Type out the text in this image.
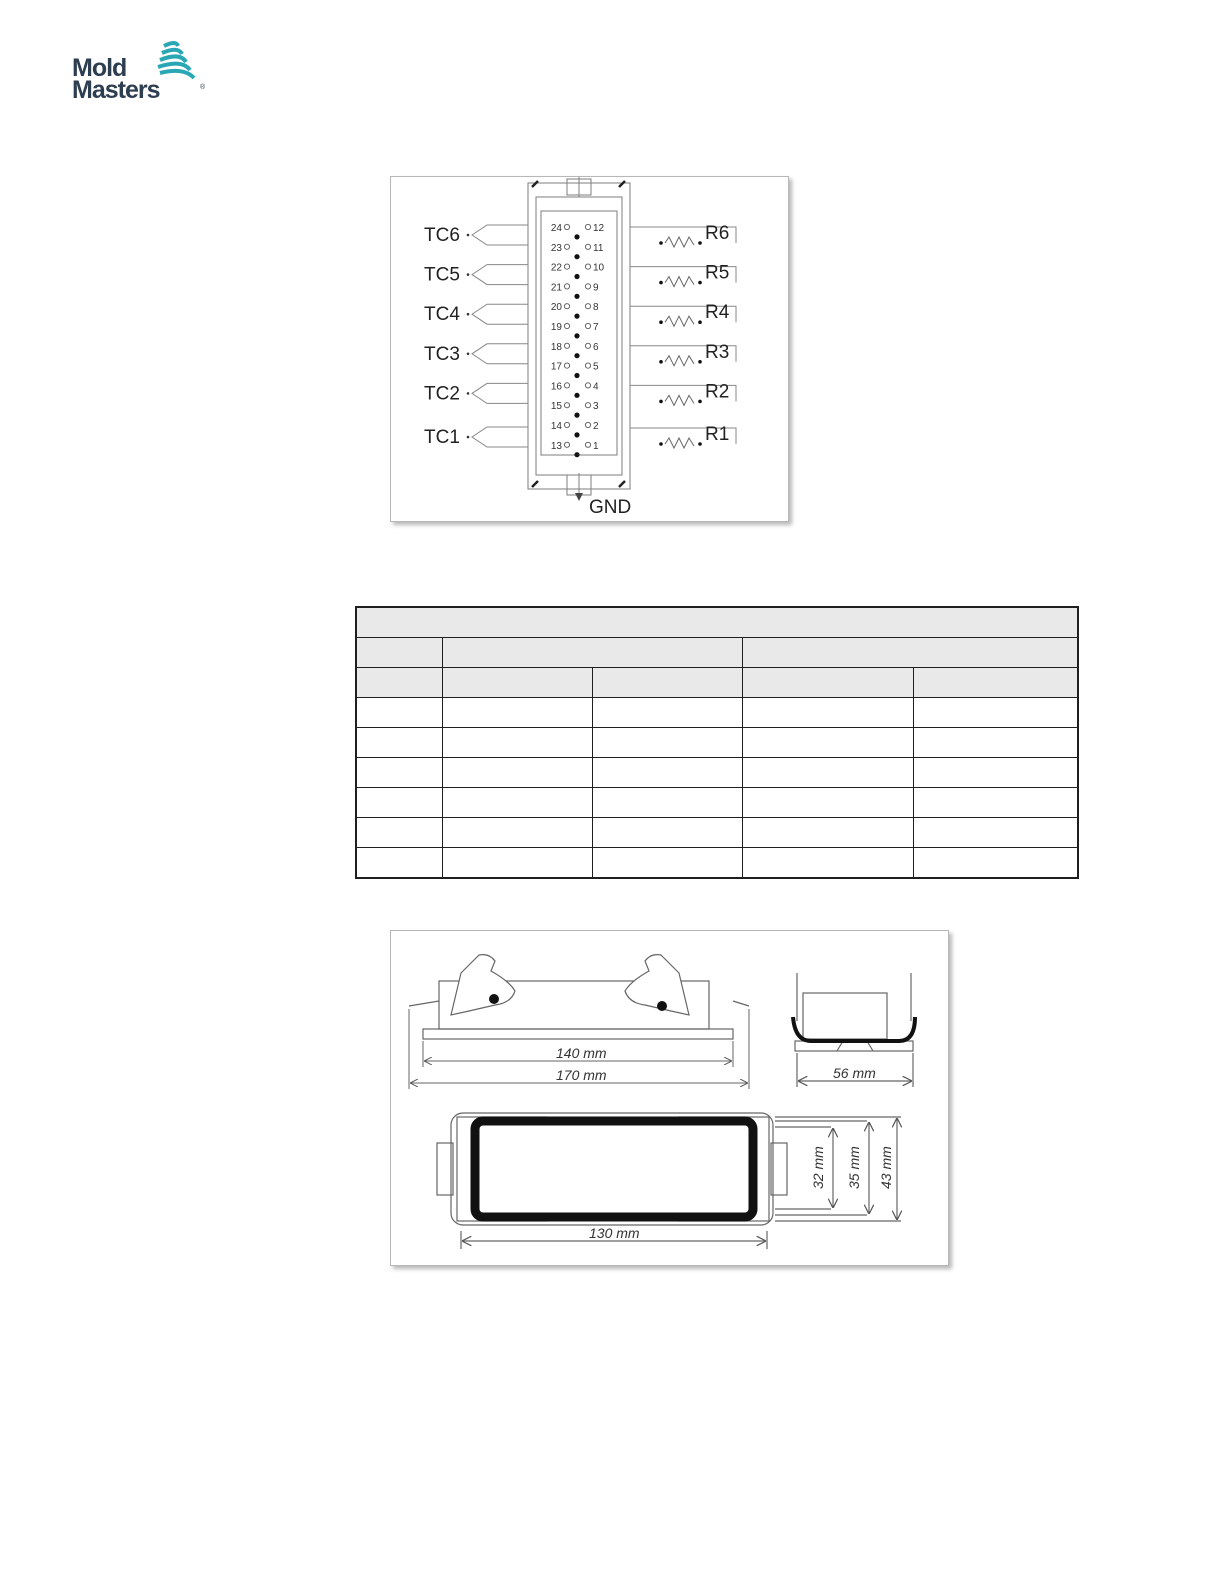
Mold
Masters	®
24	12
23	11
22	10
21	9
20	8
19	7
18	6
17	5
16	4
15	3
14	2
13	1
TC6
TC5
TC4
TC3
TC2
TC1
R6
R5
R4
R3
R2
R1
GND

140 mm
170 mm	56 mm
130 mm
32 mm 35 mm 43 mm
